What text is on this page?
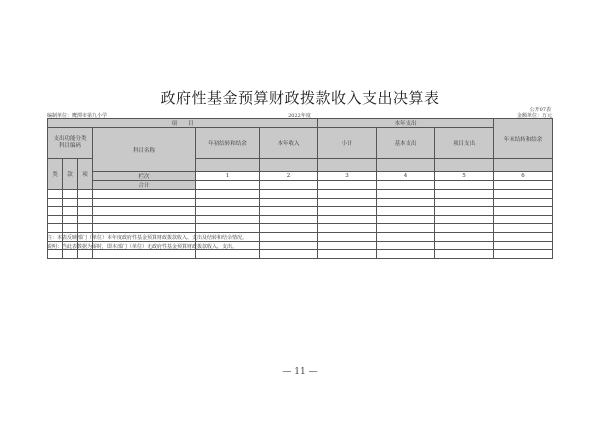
政府性基金预算财政拨款收入支出决算表
公开07表
编制单位：鹰潭市第九小学	2022年度	金额单位：万元
项　　目						本年支出			年末结转和结余
支出功能分类
科目编码			科目名称	年初结转和结余	本年收入	小计	基本支出	项目支出	
类	款	项							
			栏次	1	2	3	4	5	6
			合计						

注：本表反映部门（单位）本年度政府性基金预算财政拨款收入、支出及结转和结余情况。
说明：当此表数据为零时，即本部门（单位）无政府性基金预算财政拨款收入、支出。
— 11 —
